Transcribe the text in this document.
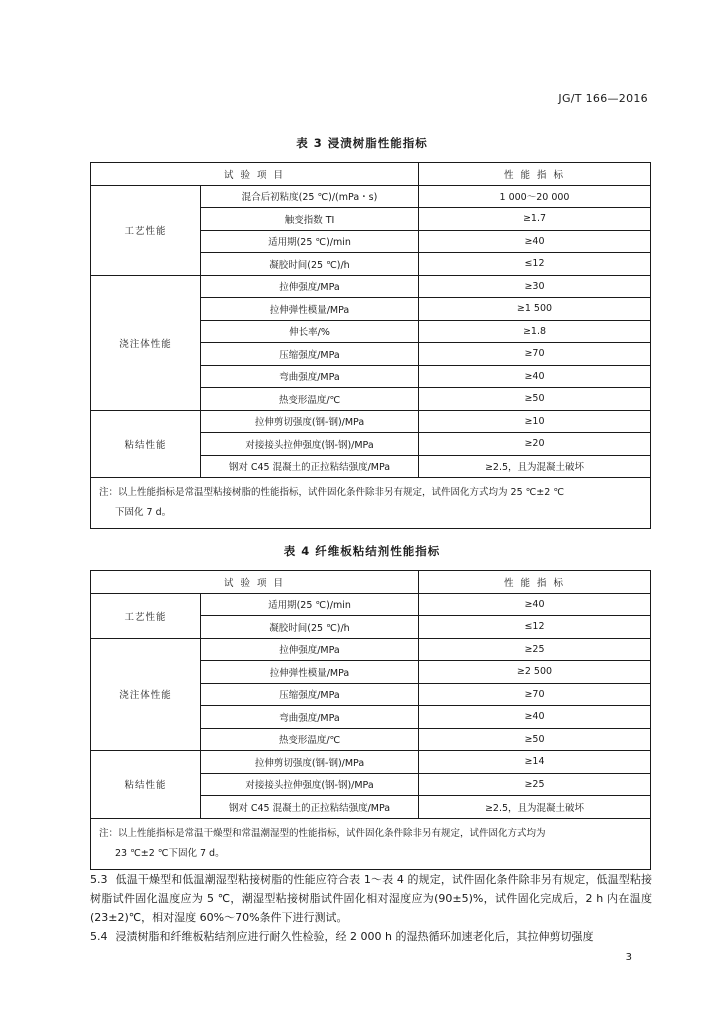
JG/T 166—2016
表 3 浸渍树脂性能指标
试 验 项 目		性 能 指 标
工艺性能	混合后初粘度(25 ℃)/(mPa・s)	1 000～20 000
	触变指数 TI	≥1.7
	适用期(25 ℃)/min	≥40
	凝胶时间(25 ℃)/h	≤12
浇注体性能	拉伸强度/MPa	≥30
	拉伸弹性模量/MPa	≥1 500
	伸长率/%	≥1.8
	压缩强度/MPa	≥70
	弯曲强度/MPa	≥40
	热变形温度/℃	≥50
粘结性能	拉伸剪切强度(钢-钢)/MPa	≥10
	对接接头拉伸强度(钢-钢)/MPa	≥20
	钢对 C45 混凝土的正拉粘结强度/MPa	≥2.5，且为混凝土破坏
注：以上性能指标是常温型粘接树脂的性能指标，试件固化条件除非另有规定，试件固化方式均为 25 ℃±2 ℃
下固化 7 d。		
表 4 纤维板粘结剂性能指标
试 验 项 目		性 能 指 标
工艺性能	适用期(25 ℃)/min	≥40
	凝胶时间(25 ℃)/h	≤12
浇注体性能	拉伸强度/MPa	≥25
	拉伸弹性模量/MPa	≥2 500
	压缩强度/MPa	≥70
	弯曲强度/MPa	≥40
	热变形温度/℃	≥50
粘结性能	拉伸剪切强度(钢-钢)/MPa	≥14
	对接接头拉伸强度(钢-钢)/MPa	≥25
	钢对 C45 混凝土的正拉粘结强度/MPa	≥2.5，且为混凝土破坏
注：以上性能指标是常温干燥型和常温潮湿型的性能指标，试件固化条件除非另有规定，试件固化方式均为
23 ℃±2 ℃下固化 7 d。		
5.3 低温干燥型和低温潮湿型粘接树脂的性能应符合表 1～表 4 的规定，试件固化条件除非另有规定，低温型粘接树脂试件固化温度应为 5 ℃，潮湿型粘接树脂试件固化相对湿度应为(90±5)%，试件固化完成后，2 h 内在温度(23±2)℃，相对湿度 60%～70%条件下进行测试。
5.4 浸渍树脂和纤维板粘结剂应进行耐久性检验，经 2 000 h 的湿热循环加速老化后，其拉伸剪切强度
3
